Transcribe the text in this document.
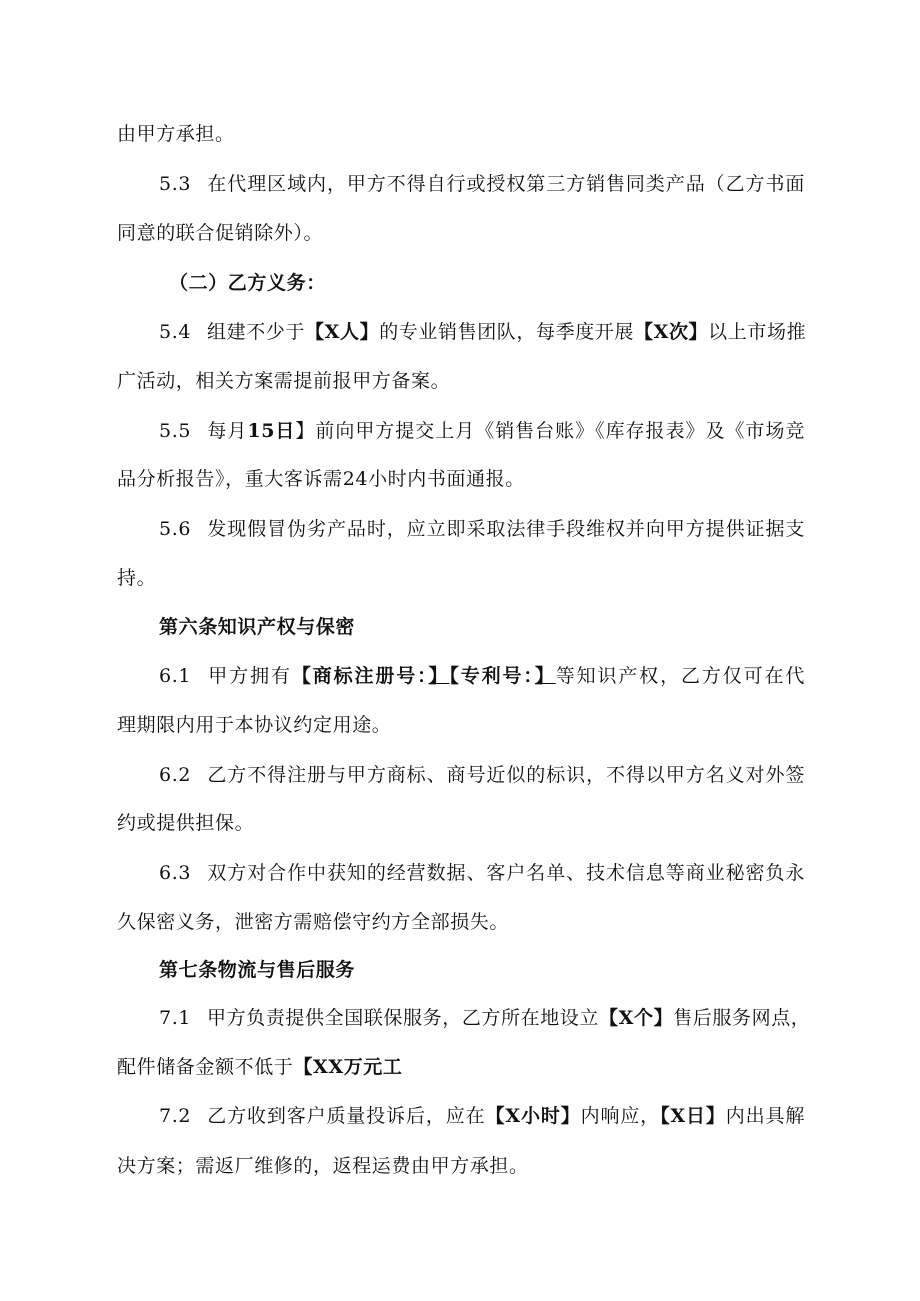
由甲方承担。

5.3 在代理区域内，甲方不得自行或授权第三方销售同类产品（乙方书面

同意的联合促销除外）。

（二）乙方义务：

5.4 组建不少于【X人】的专业销售团队，每季度开展【X次】以上市场推

广活动，相关方案需提前报甲方备案。

5.5 每月15日】前向甲方提交上月《销售台账》《库存报表》及《市场竞

品分析报告》，重大客诉需24小时内书面通报。

5.6 发现假冒伪劣产品时，应立即采取法律手段维权并向甲方提供证据支

持。

第六条知识产权与保密

6.1 甲方拥有【商标注册号：】【专利号：】等知识产权，乙方仅可在代

理期限内用于本协议约定用途。

6.2 乙方不得注册与甲方商标、商号近似的标识，不得以甲方名义对外签

约或提供担保。

6.3 双方对合作中获知的经营数据、客户名单、技术信息等商业秘密负永

久保密义务，泄密方需赔偿守约方全部损失。

第七条物流与售后服务

7.1 甲方负责提供全国联保服务，乙方所在地设立【X个】售后服务网点，

配件储备金额不低于【XX万元工

7.2 乙方收到客户质量投诉后，应在【X小时】内响应，【X日】内出具解

决方案；需返厂维修的，返程运费由甲方承担。
